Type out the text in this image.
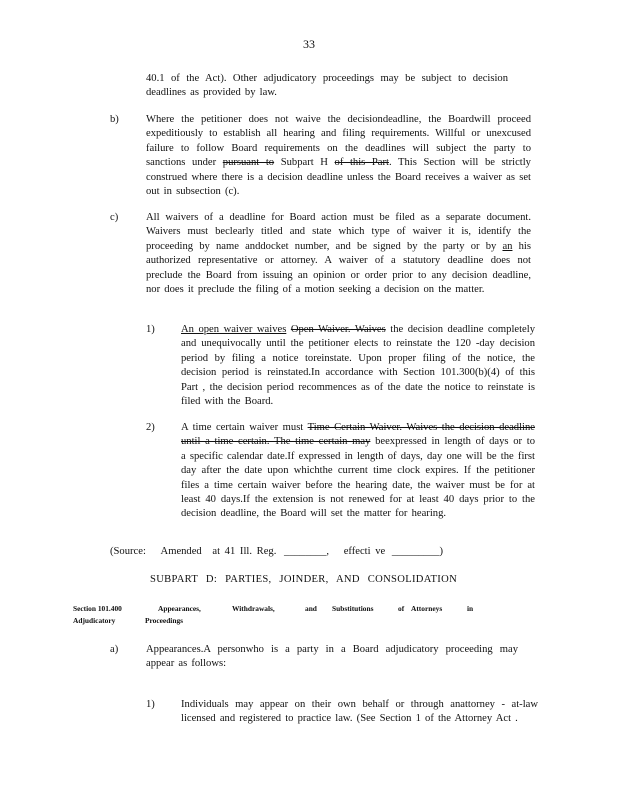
33
40.1 of the Act). Other adjudicatory proceedings may be subject to decision deadlines as provided by law.
b)	Where the petitioner does not waive the decisiondeadline, the Boardwill proceed expeditiously to establish all hearing and filing requirements. Willful or unexcused failure to follow Board requirements on the deadlines will subject the party to sanctions under pursuant to Subpart H of this Part. This Section will be strictly construed where there is a decision deadline unless the Board receives a waiver as set out in subsection (c).
c)	All waivers of a deadline for Board action must be filed as a separate document. Waivers must beclearly titled and state which type of waiver it is, identify the proceeding by name anddocket number, and be signed by the party or by an his authorized representative or attorney. A waiver of a statutory deadline does not preclude the Board from issuing an opinion or order prior to any decision deadline, nor does it preclude the filing of a motion seeking a decision on the matter.
1) An open waiver waives Open Waiver. Waives the decision deadline completely and unequivocally until the petitioner elects to reinstate the 120 -day decision period by filing a notice toreinstate. Upon proper filing of the notice, the decision period is reinstated.In accordance with Section 101.300(b)(4) of this Part , the decision period recommences as of the date the notice to reinstate is filed with the Board.
2) A time certain waiver must Time Certain Waiver. Waives the decision deadline until a time certain. The time certain may beexpressed in length of days or to a specific calendar date.If expressed in length of days, day one will be the first day after the date upon whichthe current time clock expires. If the petitioner files a time certain waiver before the hearing date, the waiver must be for at least 40 days.If the extension is not renewed for at least 40 days prior to the decision deadline, the Board will set the matter for hearing.
(Source: Amended at 41 Ill. Reg. ________, effecti ve _________)
SUBPART D: PARTIES, JOINDER, AND CONSOLIDATION
Section 101.400	Appearances,	Withdrawals,	and Substitutions	of Attorneys	in
Adjudicatory	Proceedings
a)	Appearances.A personwho is a party in a Board adjudicatory proceeding may appear as follows:
1) Individuals may appear on their own behalf or through anattorney - at-law licensed and registered to practice law. (See Section 1 of the Attorney Act .
